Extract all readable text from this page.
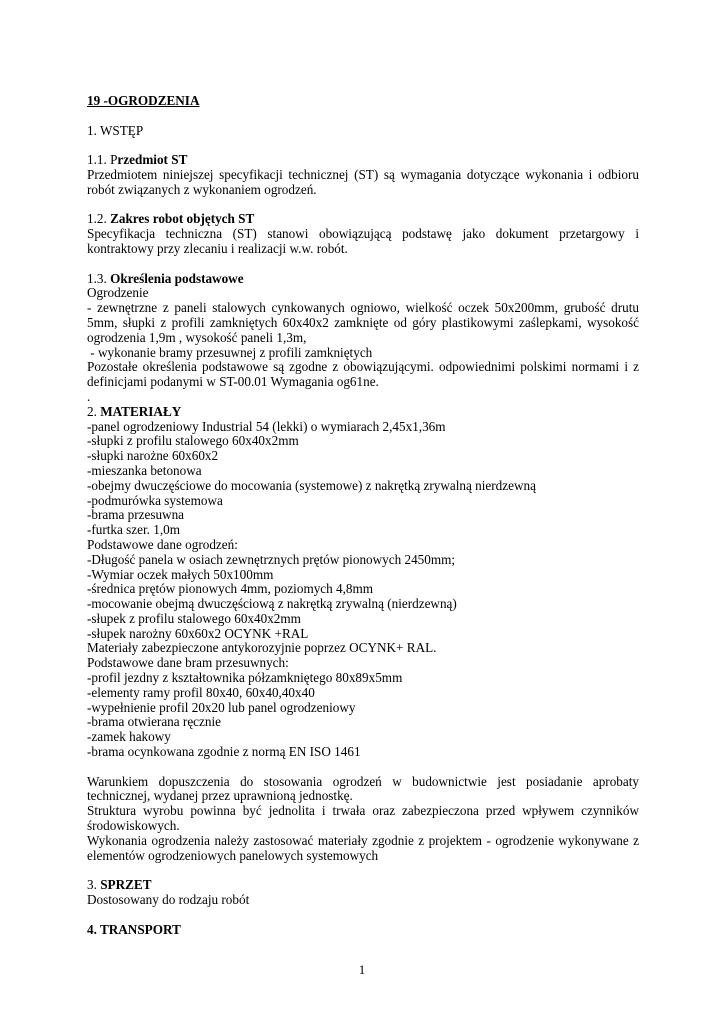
19 -OGRODZENIA

1. WSTĘP

1.1. Przedmiot ST

Przedmiotem niniejszej specyfikacji technicznej (ST) są wymagania dotyczące wykonania i odbioru robót związanych z wykonaniem ogrodzeń.

1.2. Zakres robot objętych ST

Specyfikacja techniczna (ST) stanowi obowiązującą podstawę jako dokument przetargowy i kontraktowy przy zlecaniu i realizacji w.w. robót.

1.3. Określenia podstawowe

Ogrodzenie

- zewnętrzne z paneli stalowych cynkowanych ogniowo, wielkość oczek 50x200mm, grubość drutu 5mm, słupki z profili zamkniętych 60x40x2 zamknięte od góry plastikowymi zaślepkami, wysokość ogrodzenia 1,9m , wysokość paneli 1,3m,

- wykonanie bramy przesuwnej z profili zamkniętych

Pozostałe określenia podstawowe są zgodne z obowiązującymi. odpowiednimi polskimi normami i z definicjami podanymi w ST-00.01 Wymagania og61ne.

.

2. MATERIAŁY

-panel ogrodzeniowy Industrial 54 (lekki) o wymiarach 2,45x1,36m

-słupki z profilu stalowego 60x40x2mm

-słupki narożne 60x60x2

-mieszanka betonowa

-obejmy dwuczęściowe do mocowania (systemowe) z nakrętką zrywalną nierdzewną

-podmurówka systemowa

-brama przesuwna

-furtka szer. 1,0m

Podstawowe dane ogrodzeń:

-Długość panela w osiach zewnętrznych prętów pionowych 2450mm;

-Wymiar oczek małych 50x100mm

-średnica prętów pionowych 4mm, poziomych 4,8mm

-mocowanie obejmą dwuczęściową z nakrętką zrywalną (nierdzewną)

-słupek z profilu stalowego 60x40x2mm

-słupek narożny 60x60x2 OCYNK +RAL

Materiały zabezpieczone antykorozyjnie poprzez OCYNK+ RAL.

Podstawowe dane bram przesuwnych:

-profil jezdny z kształtownika półzamkniętego 80x89x5mm

-elementy ramy profil 80x40, 60x40,40x40

-wypełnienie profil 20x20 lub panel ogrodzeniowy

-brama otwierana ręcznie

-zamek hakowy

-brama ocynkowana zgodnie z normą EN ISO 1461

Warunkiem dopuszczenia do stosowania ogrodzeń w budownictwie jest posiadanie aprobaty technicznej, wydanej przez uprawnioną jednostkę.

Struktura wyrobu powinna być jednolita i trwała oraz zabezpieczona przed wpływem czynników środowiskowych.

Wykonania ogrodzenia należy zastosować materiały zgodnie z projektem - ogrodzenie wykonywane z elementów ogrodzeniowych panelowych systemowych

3. SPRZET

Dostosowany do rodzaju robót

4. TRANSPORT

1
